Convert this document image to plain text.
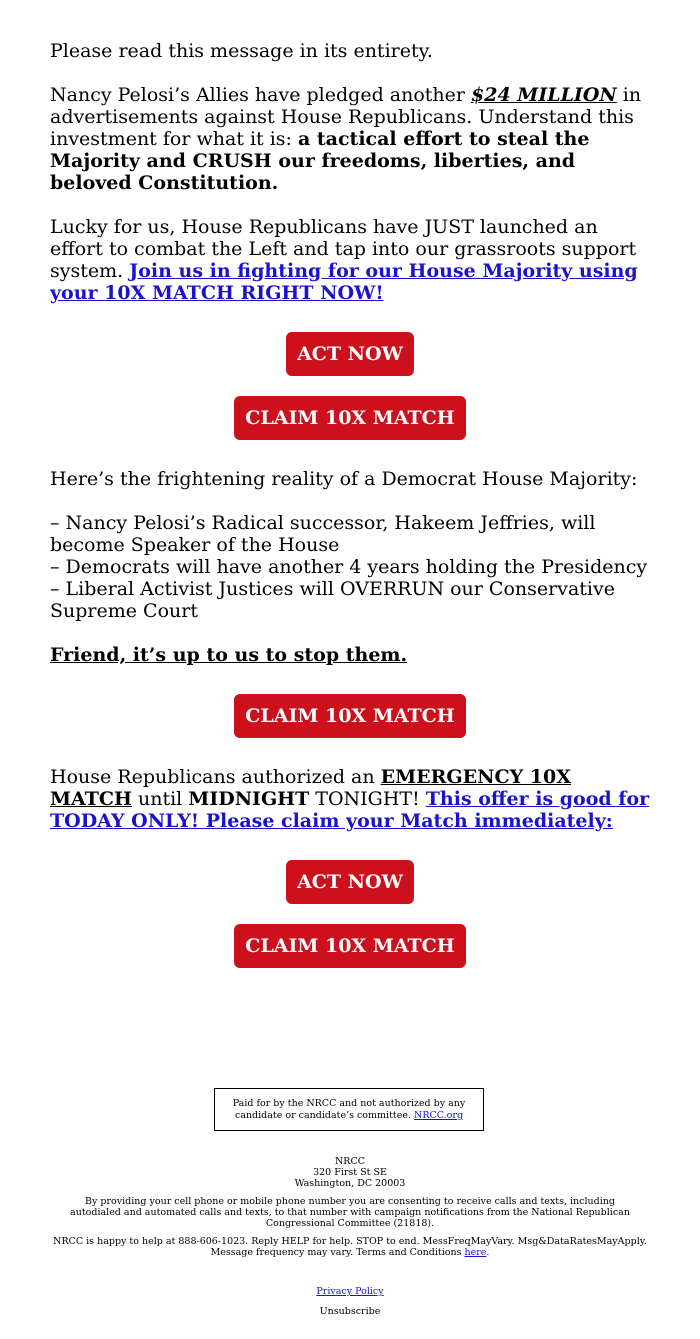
Please read this message in its entirety.

Nancy Pelosi’s Allies have pledged another $24 MILLION in advertisements against House Republicans. Understand this investment for what it is: a tactical effort to steal the Majority and CRUSH our freedoms, liberties, and beloved Constitution.

Lucky for us, House Republicans have JUST launched an effort to combat the Left and tap into our grassroots support system. Join us in fighting for our House Majority using your 10X MATCH RIGHT NOW!

ACT NOW
CLAIM 10X MATCH

Here’s the frightening reality of a Democrat House Majority:

– Nancy Pelosi’s Radical successor, Hakeem Jeffries, will become Speaker of the House

– Democrats will have another 4 years holding the Presidency

– Liberal Activist Justices will OVERRUN our Conservative Supreme Court

Friend, it’s up to us to stop them.

CLAIM 10X MATCH

House Republicans authorized an EMERGENCY 10X MATCH until MIDNIGHT TONIGHT! This offer is good for TODAY ONLY! Please claim your Match immediately:

ACT NOW
CLAIM 10X MATCH
Paid for by the NRCC and not authorized by any candidate or candidate’s committee. NRCC.org
NRCC
320 First St SE
Washington, DC 20003
By providing your cell phone or mobile phone number you are consenting to receive calls and texts, including autodialed and automated calls and texts, to that number with campaign notifications from the National Republican Congressional Committee (21818).
NRCC is happy to help at 888-606-1023. Reply HELP for help. STOP to end. MessFreqMayVary. Msg&DataRatesMayApply. Message frequency may vary. Terms and Conditions here.
Privacy Policy
Unsubscribe
